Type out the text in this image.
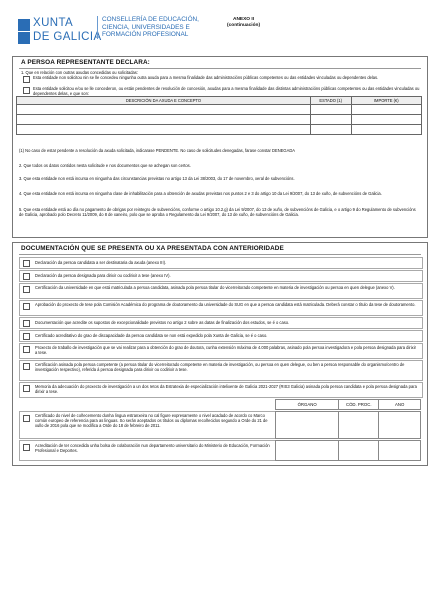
XUNTA
DE GALICIA
CONSELLERÍA DE EDUCACIÓN,
CIENCIA, UNIVERSIDADES E
FORMACIÓN PROFESIONAL
ANEXO II
(continuación)
A PERSOA REPRESENTANTE DECLARA:
1. Que en relación con outras axudas concedidas ou solicitadas:
Esta entidade non solicitou nin se lle concedeu ningunha outra axuda para a mesma finalidade das administracións públicas competentes ou das entidades vinculadas ou dependentes delas.
Esta entidade solicitou e/ou se lle concederon, ou están pendentes de resolución de concesión, axudas para a mesma finalidade das distintas administracións públicas competentes ou das entidades vinculadas ou dependentes delas, e que son:
(1) No caso de estar pendente a resolución da axuda solicitada, indicarase PENDENTE. No caso de solicitudes denegadas, farase constar DENEGADA
2. Que todos os datos contidos nesta solicitude e nos documentos que se achegan son certos.
3. Que esta entidade non está incursa en ningunha das circunstancias previstas no artigo 13 da Lei 38/2003, do 17 de novembro, xeral de subvencións.
4. Que esta entidade non está incursa en ningunha clase de inhabilitación para a obtención de axudas previstas nos puntos 2 e 3 do artigo 10 da Lei 9/2007, do 13 de xuño, de subvencións de Galicia.
5. Que esta entidade está ao día no pagamento de obrigas por reintegro de subvencións, conforme o artigo 10.2.g) da Lei 9/2007, do 13 de xuño, de subvencións de Galicia, e o artigo 9 do Regulamento de subvencións de Galicia, aprobado polo Decreto 11/2009, do 8 de xaneiro, polo que se aproba o Regulamento da Lei 9/2007, do 13 de xuño, de subvencións de Galicia.
DESCRICIÓN DA AXUDA E CONCEPTO	ESTADO (1)	IMPORTE (€)

DOCUMENTACIÓN QUE SE PRESENTA OU XA PRESENTADA CON ANTERIORIDADE
Declaración da persoa candidata a ser destinataria da axuda (anexo III).
Declaración da persoa designada para dirixir ou codirixir a tese (anexo IV).
Certificación da universidade en que está matriculada a persoa candidata, asinada pola persoa titular do vicerreitorado competente en materia de investigación ou persoa en quen delegue (anexo V).
Aprobación do proxecto de tese pola Comisión Académica do programa de doutoramento da universidade do SUG en que a persoa candidata está matriculada. Deberá constar o título da tese de doutoramento.
Documentación que acredite os supostos de excepcionalidade previstos no artigo 2 sobre as datas de finalización dos estudos, se é o caso.
Certificado acreditativo do grao de discapacidade da persoa candidata se non está expedido pola Xunta de Galicia, se é o caso.
Proxecto de traballo de investigación que se vai realizar para a obtención do grao de doutora, cunha extensión máxima de 4.000 palabras, asinado pola persoa investigadora e pola persoa designada para dirixir a tese.
Certificación asinada pola persoa competente (a persoa titular do vicerreitorado competente en materia de investigación, ou persoa en quen delegue, ou ben a persoa responsable do organismo/centro de investigación respectivo), referida á persoa designada para dirixir ou codirixir a tese.
Memoria da adecuación do proxecto de investigación a un dos retos da Estratexia de especialización intelixente de Galicia 2021-2027 (RIS3 Galicia) asinada pola persoa candidata e pola persoa designada para dirixir a tese.
ÓRGANO	CÓD. PROC.	ANO
Certificado do nivel de coñecemento dunha lingua estranxeira no cal figure expresamente o nivel acadado de acordo co Marco común europeo de referencia para as linguas. So serán aceptados os títulos ou diplomas recoñecidos segundo a Orde do 21 de xullo de 2016 pola que se modifica a Orde do 18 de febreiro de 2011.

Acreditación de ter concedida unha bolsa de colaboración nun departamento universitario do Ministerio de Educación, Formación Profesional e Deportes.
